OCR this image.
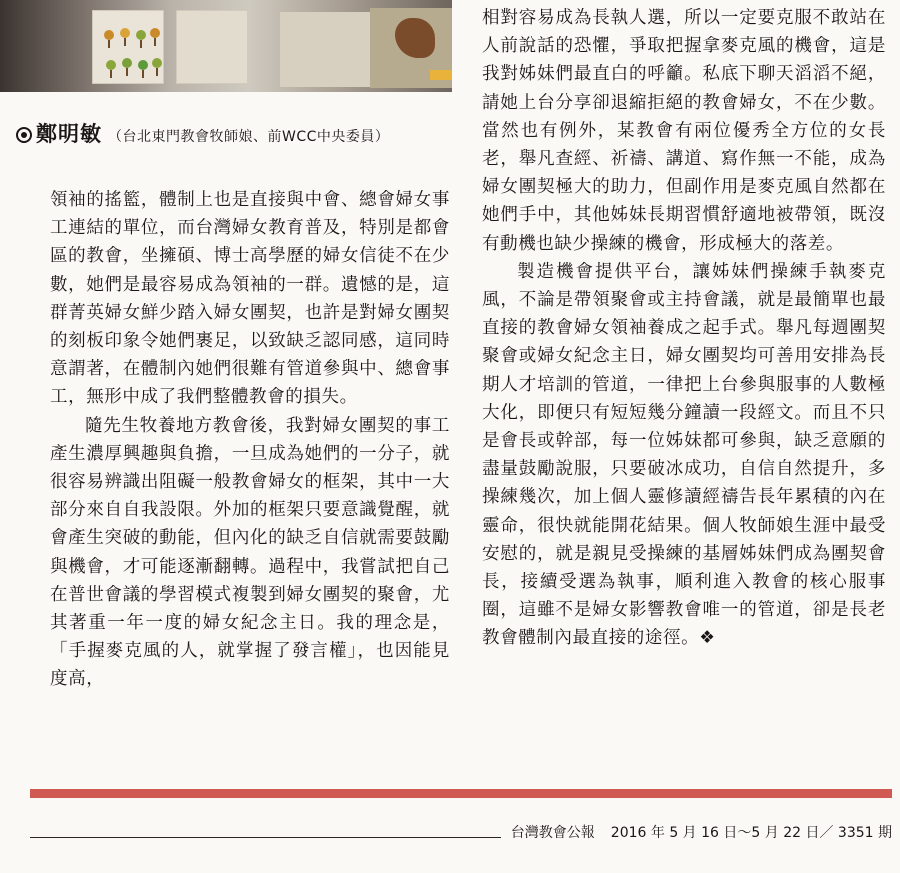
鄭明敏 （台北東門教會牧師娘、前WCC中央委員）

領袖的搖籃，體制上也是直接與中會、總會婦女事工連結的單位，而台灣婦女教育普及，特別是都會區的教會，坐擁碩、博士高學歷的婦女信徒不在少數，她們是最容易成為領袖的一群。遺憾的是，這群菁英婦女鮮少踏入婦女團契，也許是對婦女團契的刻板印象令她們裹足，以致缺乏認同感，這同時意謂著，在體制內她們很難有管道參與中、總會事工，無形中成了我們整體教會的損失。

隨先生牧養地方教會後，我對婦女團契的事工產生濃厚興趣與負擔，一旦成為她們的一分子，就很容易辨識出阻礙一般教會婦女的框架，其中一大部分來自自我設限。外加的框架只要意識覺醒，就會產生突破的動能，但內化的缺乏自信就需要鼓勵與機會，才可能逐漸翻轉。過程中，我嘗試把自己在普世會議的學習模式複製到婦女團契的聚會，尤其著重一年一度的婦女紀念主日。我的理念是，「手握麥克風的人，就掌握了發言權」，也因能見度高，

相對容易成為長執人選，所以一定要克服不敢站在人前說話的恐懼，爭取把握拿麥克風的機會，這是我對姊妹們最直白的呼籲。私底下聊天滔滔不絕，請她上台分享卻退縮拒絕的教會婦女，不在少數。當然也有例外，某教會有兩位優秀全方位的女長老，舉凡查經、祈禱、講道、寫作無一不能，成為婦女團契極大的助力，但副作用是麥克風自然都在她們手中，其他姊妹長期習慣舒適地被帶領，既沒有動機也缺少操練的機會，形成極大的落差。

製造機會提供平台，讓姊妹們操練手執麥克風，不論是帶領聚會或主持會議，就是最簡單也最直接的教會婦女領袖養成之起手式。舉凡每週團契聚會或婦女紀念主日，婦女團契均可善用安排為長期人才培訓的管道，一律把上台參與服事的人數極大化，即便只有短短幾分鐘讀一段經文。而且不只是會長或幹部，每一位姊妹都可參與，缺乏意願的盡量鼓勵說服，只要破冰成功，自信自然提升，多操練幾次，加上個人靈修讀經禱告長年累積的內在靈命，很快就能開花結果。個人牧師娘生涯中最受安慰的，就是親見受操練的基層姊妹們成為團契會長，接續受選為執事，順利進入教會的核心服事圈，這雖不是婦女影響教會唯一的管道，卻是長老教會體制內最直接的途徑。❖

台灣教會公報 2016 年 5 月 16 日～5 月 22 日／ 3351 期
